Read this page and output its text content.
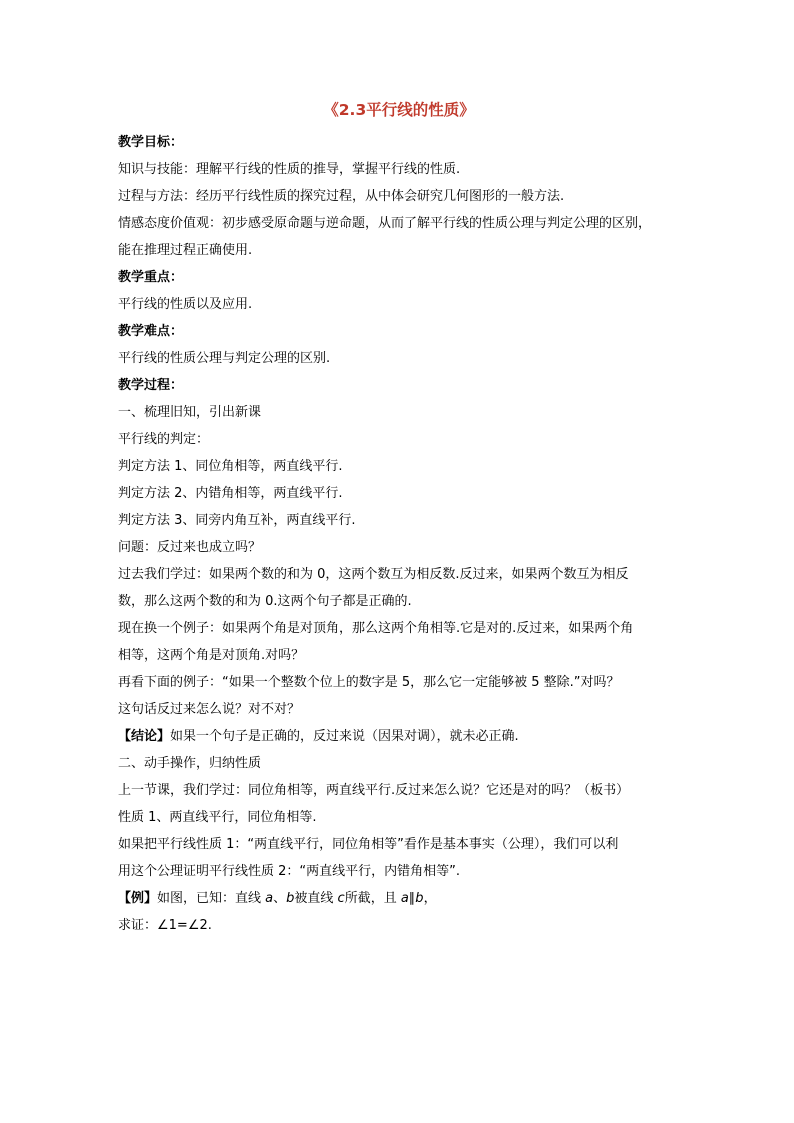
《2.3平行线的性质》
教学目标：
知识与技能：理解平行线的性质的推导，掌握平行线的性质.
过程与方法：经历平行线性质的探究过程，从中体会研究几何图形的一般方法.
情感态度价值观：初步感受原命题与逆命题，从而了解平行线的性质公理与判定公理的区别，
能在推理过程正确使用.
教学重点：
平行线的性质以及应用.
教学难点：
平行线的性质公理与判定公理的区别.
教学过程：
一、梳理旧知，引出新课
平行线的判定：
判定方法 1、同位角相等，两直线平行.
判定方法 2、内错角相等，两直线平行.
判定方法 3、同旁内角互补，两直线平行.
问题：反过来也成立吗？
过去我们学过：如果两个数的和为 0，这两个数互为相反数.反过来，如果两个数互为相反
数，那么这两个数的和为 0.这两个句子都是正确的.
现在换一个例子：如果两个角是对顶角，那么这两个角相等.它是对的.反过来，如果两个角
相等，这两个角是对顶角.对吗？
再看下面的例子：“如果一个整数个位上的数字是 5，那么它一定能够被 5 整除.”对吗？
这句话反过来怎么说？对不对？
【结论】如果一个句子是正确的，反过来说（因果对调），就未必正确.
二、动手操作，归纳性质
上一节课，我们学过：同位角相等，两直线平行.反过来怎么说？它还是对的吗？（板书）
性质 1、两直线平行，同位角相等.
如果把平行线性质 1：“两直线平行，同位角相等”看作是基本事实（公理），我们可以利
用这个公理证明平行线性质 2：“两直线平行，内错角相等”.
【例】如图，已知：直线 a、b被直线 c所截，且 a∥b，
求证：∠1=∠2.
